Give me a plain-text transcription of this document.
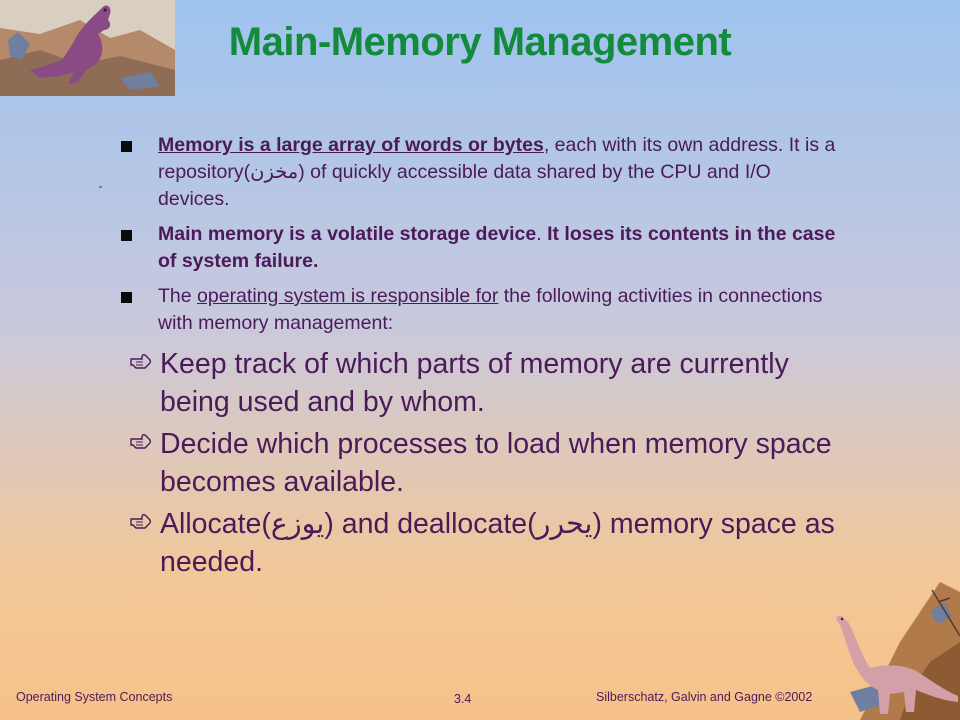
Main-Memory Management
Memory is a large array of words or bytes, each with its own address. It is a repository(مخزن) of quickly accessible data shared by the CPU and I/O devices.
Main memory is a volatile storage device. It loses its contents in the case of system failure.
The operating system is responsible for the following activities in connections with memory management:
Keep track of which parts of memory are currently being used and by whom.
Decide which processes to load when memory space becomes available.
Allocate(يوزع) and deallocate(يحرر) memory space as needed.
Operating System Concepts	3.4	Silberschatz, Galvin and Gagne ©2002
